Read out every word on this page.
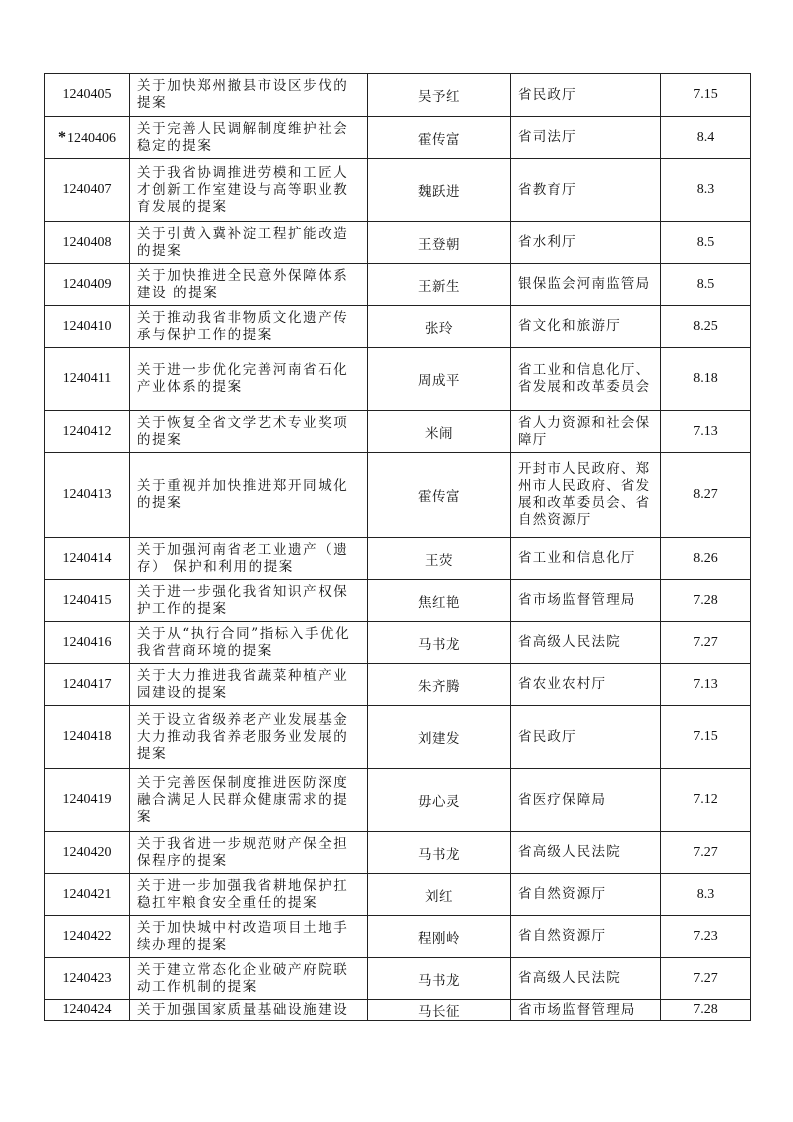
1240405	关于加快郑州撤县市设区步伐的提案	吴予红	省民政厅	7.15
*1240406	关于完善人民调解制度维护社会稳定的提案	霍传富	省司法厅	8.4
1240407	关于我省协调推进劳模和工匠人才创新工作室建设与高等职业教育发展的提案	魏跃进	省教育厅	8.3
1240408	关于引黄入冀补淀工程扩能改造的提案	王登朝	省水利厅	8.5
1240409	关于加快推进全民意外保障体系建设 的提案	王新生	银保监会河南监管局	8.5
1240410	关于推动我省非物质文化遗产传承与保护工作的提案	张玲	省文化和旅游厅	8.25
1240411	关于进一步优化完善河南省石化产业体系的提案	周成平	省工业和信息化厅、省发展和改革委员会	8.18
1240412	关于恢复全省文学艺术专业奖项的提案	米闹	省人力资源和社会保障厅	7.13
1240413	关于重视并加快推进郑开同城化的提案	霍传富	开封市人民政府、郑州市人民政府、省发展和改革委员会、省自然资源厅	8.27
1240414	关于加强河南省老工业遗产（遗存） 保护和利用的提案	王荧	省工业和信息化厅	8.26
1240415	关于进一步强化我省知识产权保护工作的提案	焦红艳	省市场监督管理局	7.28
1240416	关于从“执行合同”指标入手优化我省营商环境的提案	马书龙	省高级人民法院	7.27
1240417	关于大力推进我省蔬菜种植产业园建设的提案	朱齐腾	省农业农村厅	7.13
1240418	关于设立省级养老产业发展基金大力推动我省养老服务业发展的提案	刘建发	省民政厅	7.15
1240419	关于完善医保制度推进医防深度融合满足人民群众健康需求的提案	毋心灵	省医疗保障局	7.12
1240420	关于我省进一步规范财产保全担保程序的提案	马书龙	省高级人民法院	7.27
1240421	关于进一步加强我省耕地保护扛稳扛牢粮食安全重任的提案	刘红	省自然资源厅	8.3
1240422	关于加快城中村改造项目土地手续办理的提案	程刚岭	省自然资源厅	7.23
1240423	关于建立常态化企业破产府院联动工作机制的提案	马书龙	省高级人民法院	7.27
1240424	关于加强国家质量基础设施建设	马长征	省市场监督管理局	7.28
